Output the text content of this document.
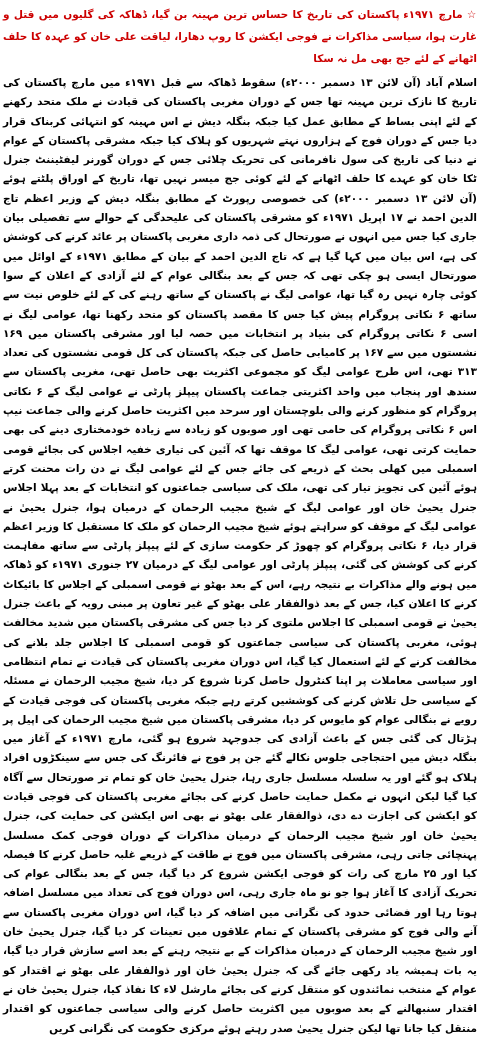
☆ مارچ ۱۹۷۱ء پاکستان کی تاریخ کا حساس ترین مہینہ بن گیا، ڈھاکہ کی گلیوں میں قتل و غارت ہوا، سیاسی مذاکرات نے فوجی ایکشن کا روپ دھارا، لیاقت علی خان کو عہدہ کا حلف اٹھانے کے لئے جج بھی مل نہ سکا
اسلام آباد (آن لائن ۱۳ دسمبر ۲۰۰۰ء) سقوط ڈھاکہ سے قبل ۱۹۷۱ء میں مارچ پاکستان کی تاریخ کا نازک ترین مہینہ تھا جس کے دوران مغربی پاکستان کی قیادت نے ملک متحد رکھنے کے لئے اپنی بساط کے مطابق عمل کیا جبکہ بنگلہ دیش نے اس مہینہ کو انتہائی کربناک قرار دیا جس کے دوران فوج کے ہزاروں نہتے شہریوں کو ہلاک کیا جبکہ مشرقی پاکستان کے عوام نے دنیا کی تاریخ کی سول نافرمانی کی تحریک چلائی جس کے دوران گورنر لیفٹیننٹ جنرل ٹکا خان کو عہدے کا حلف اٹھانے کے لئے کوئی جج میسر نہیں تھا، تاریخ کے اوراق پلٹتے ہوئے (آن لائن ۱۳ دسمبر ۲۰۰۰ء) کی خصوصی رپورٹ کے مطابق بنگلہ دیش کے وزیر اعظم تاج الدین احمد نے ۱۷ اپریل ۱۹۷۱ء کو مشرقی پاکستان کی علیحدگی کے حوالے سے تفصیلی بیان جاری کیا جس میں انہوں نے صورتحال کی ذمہ داری مغربی پاکستان پر عائد کرنے کی کوشش کی ہے، اس بیان میں کہا گیا ہے کہ تاج الدین احمد کے بیان کے مطابق ۱۹۷۱ء کے اوائل میں صورتحال ایسی ہو چکی تھی کہ جس کے بعد بنگالی عوام کے لئے آزادی کے اعلان کے سوا کوئی چارہ نہیں رہ گیا تھا، عوامی لیگ نے پاکستان کے ساتھ رہنے کی کے لئے خلوص نیت سے ساتھ ۶ نکاتی پروگرام پیش کیا جس کا مقصد پاکستان کو متحد رکھنا تھا، عوامی لیگ نے اسی ۶ نکاتی پروگرام کی بنیاد پر انتخابات میں حصہ لیا اور مشرقی پاکستان میں ۱۶۹ نشستوں میں سے ۱۶۷ پر کامیابی حاصل کی جبکہ پاکستان کی کل قومی نشستوں کی تعداد ۳۱۳ تھی، اس طرح عوامی لیگ کو مجموعی اکثریت بھی حاصل تھی، مغربی پاکستان سے سندھ اور پنجاب میں واحد اکثریتی جماعت پاکستان پیپلز پارٹی نے عوامی لیگ کے ۶ نکاتی پروگرام کو منظور کرنے والی بلوچستان اور سرحد میں اکثریت حاصل کرنے والی جماعت نیپ اس ۶ نکاتی پروگرام کی حامی تھی اور صوبوں کو زیادہ سے زیادہ خودمختاری دینے کی بھی حمایت کرتی تھی، عوامی لیگ کا موقف تھا کہ آئین کی تیاری خفیہ اجلاس کی بجائے قومی اسمبلی میں کھلی بحث کے ذریعے کی جائے جس کے لئے عوامی لیگ نے دن رات محنت کرتے ہوئے آئین کی تجویز تیار کی تھی، ملک کی سیاسی جماعتوں کو انتخابات کے بعد پہلا اجلاس جنرل یحییٰ خان اور عوامی لیگ کے شیخ مجیب الرحمان کے درمیان ہوا، جنرل یحییٰ نے عوامی لیگ کے موقف کو سراہتے ہوئے شیخ مجیب الرحمان کو ملک کا مستقبل کا وزیر اعظم قرار دیا، ۶ نکاتی پروگرام کو چھوڑ کر حکومت سازی کے لئے پیپلز پارٹی سے ساتھ مفاہمت کرنے کی کوشش کی گئی، پیپلز پارٹی اور عوامی لیگ کے درمیان ۲۷ جنوری ۱۹۷۱ء کو ڈھاکہ میں ہونے والے مذاکرات بے نتیجہ رہے، اس کے بعد بھٹو نے قومی اسمبلی کے اجلاس کا بائیکاٹ کرنے کا اعلان کیا، جس کے بعد ذوالفقار علی بھٹو کے غیر تعاون پر مبنی رویہ کے باعث جنرل یحییٰ نے قومی اسمبلی کا اجلاس ملتوی کر دیا جس کی مشرقی پاکستان میں شدید مخالفت ہوئی، مغربی پاکستان کی سیاسی جماعتوں کو قومی اسمبلی کا اجلاس جلد بلانے کی مخالفت کرنے کے لئے استعمال کیا گیا، اس دوران مغربی پاکستان کی قیادت نے تمام انتظامی اور سیاسی معاملات پر اپنا کنٹرول حاصل کرنا شروع کر دیا، شیخ مجیب الرحمان نے مسئلہ کے سیاسی حل تلاش کرنے کی کوششیں کرتے رہے جبکہ مغربی پاکستان کی فوجی قیادت کے رویے نے بنگالی عوام کو مایوس کر دیا، مشرقی پاکستان میں شیخ مجیب الرحمان کی اپیل پر ہڑتال کی گئی جس کے باعث آزادی کی جدوجہد شروع ہو گئی، مارچ ۱۹۷۱ء کے آغاز میں بنگلہ دیش میں احتجاجی جلوس نکالے گئے جن پر فوج نے فائرنگ کی جس سے سینکڑوں افراد ہلاک ہو گئے اور یہ سلسلہ مسلسل جاری رہا، جنرل یحییٰ خان کو تمام تر صورتحال سے آگاہ کیا گیا لیکن انہوں نے مکمل حمایت حاصل کرنے کی بجائے مغربی پاکستان کی فوجی قیادت کو ایکشن کی اجازت دے دی، ذوالفقار علی بھٹو نے بھی اس ایکشن کی حمایت کی، جنرل یحییٰ خان اور شیخ مجیب الرحمان کے درمیان مذاکرات کے دوران فوجی کمک مسلسل پہنچائی جاتی رہی، مشرقی پاکستان میں فوج نے طاقت کے ذریعے غلبہ حاصل کرنے کا فیصلہ کیا اور ۲۵ مارچ کی رات کو فوجی ایکشن شروع کر دیا گیا، جس کے بعد بنگالی عوام کی تحریک آزادی کا آغاز ہوا جو نو ماہ جاری رہی، اس دوران فوج کی تعداد میں مسلسل اضافہ ہوتا رہا اور فضائی حدود کی نگرانی میں اضافہ کر دیا گیا، اس دوران مغربی پاکستان سے آنے والی فوج کو مشرقی پاکستان کے تمام علاقوں میں تعینات کر دیا گیا، جنرل یحییٰ خان اور شیخ مجیب الرحمان کے درمیان مذاکرات کے بے نتیجہ رہنے کے بعد اسے سازش قرار دیا گیا، یہ بات ہمیشہ یاد رکھی جائے گی کہ جنرل یحییٰ خان اور ذوالفقار علی بھٹو نے اقتدار کو عوام کے منتخب نمائندوں کو منتقل کرنے کی بجائے مارشل لاء کا نفاذ کیا، جنرل یحییٰ خان نے اقتدار سنبھالنے کے بعد صوبوں میں اکثریت حاصل کرنے والی سیاسی جماعتوں کو اقتدار منتقل کیا جانا تھا لیکن جنرل یحییٰ صدر رہتے ہوئے مرکزی حکومت کی نگرانی کریں
